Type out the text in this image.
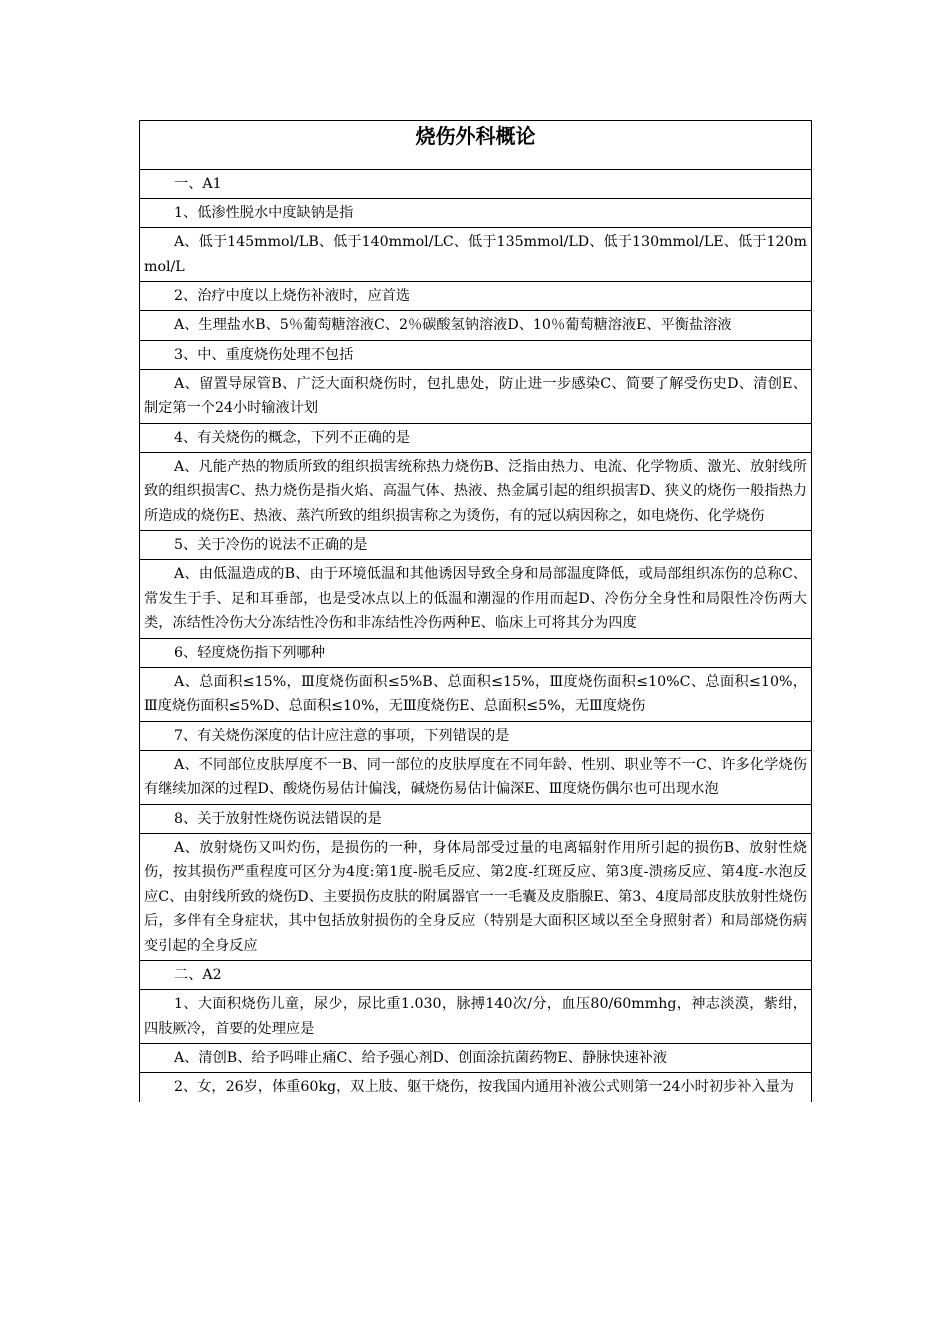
烧伤外科概论
一、A1
1、低渗性脱水中度缺钠是指
A、低于145mmol/LB、低于140mmol/LC、低于135mmol/LD、低于130mmol/LE、低于120mmol/L
2、治疗中度以上烧伤补液时，应首选
A、生理盐水B、5％葡萄糖溶液C、2％碳酸氢钠溶液D、10％葡萄糖溶液E、平衡盐溶液
3、中、重度烧伤处理不包括
A、留置导尿管B、广泛大面积烧伤时，包扎患处，防止进一步感染C、简要了解受伤史D、清创E、制定第一个24小时输液计划
4、有关烧伤的概念，下列不正确的是
A、凡能产热的物质所致的组织损害统称热力烧伤B、泛指由热力、电流、化学物质、激光、放射线所致的组织损害C、热力烧伤是指火焰、高温气体、热液、热金属引起的组织损害D、狭义的烧伤一般指热力所造成的烧伤E、热液、蒸汽所致的组织损害称之为烫伤，有的冠以病因称之，如电烧伤、化学烧伤
5、关于冷伤的说法不正确的是
A、由低温造成的B、由于环境低温和其他诱因导致全身和局部温度降低，或局部组织冻伤的总称C、常发生于手、足和耳垂部，也是受冰点以上的低温和潮湿的作用而起D、冷伤分全身性和局限性冷伤两大类，冻结性冷伤大分冻结性冷伤和非冻结性冷伤两种E、临床上可将其分为四度
6、轻度烧伤指下列哪种
A、总面积≤15%，Ⅲ度烧伤面积≤5%B、总面积≤15%，Ⅲ度烧伤面积≤10%C、总面积≤10%，Ⅲ度烧伤面积≤5%D、总面积≤10%，无Ⅲ度烧伤E、总面积≤5%，无Ⅲ度烧伤
7、有关烧伤深度的估计应注意的事项，下列错误的是
A、不同部位皮肤厚度不一B、同一部位的皮肤厚度在不同年龄、性别、职业等不一C、许多化学烧伤有继续加深的过程D、酸烧伤易估计偏浅，碱烧伤易估计偏深E、Ⅲ度烧伤偶尔也可出现水泡
8、关于放射性烧伤说法错误的是
A、放射烧伤又叫灼伤，是损伤的一种，身体局部受过量的电离辐射作用所引起的损伤B、放射性烧伤，按其损伤严重程度可区分为4度:第1度-脱毛反应、第2度-红斑反应、第3度-溃疡反应、第4度-水泡反应C、由射线所致的烧伤D、主要损伤皮肤的附属器官一一毛囊及皮脂腺E、第3、4度局部皮肤放射性烧伤后，多伴有全身症状，其中包括放射损伤的全身反应（特别是大面积区域以至全身照射者）和局部烧伤病变引起的全身反应
二、A2
1、大面积烧伤儿童，尿少，尿比重1.030，脉搏140次/分，血压80/60mmhg，神志淡漠，紫绀，四肢厥冷，首要的处理应是
A、清创B、给予吗啡止痛C、给予强心剂D、创面涂抗菌药物E、静脉快速补液
2、女，26岁，体重60kg，双上肢、躯干烧伤，按我国内通用补液公式则第一24小时初步补入量为
